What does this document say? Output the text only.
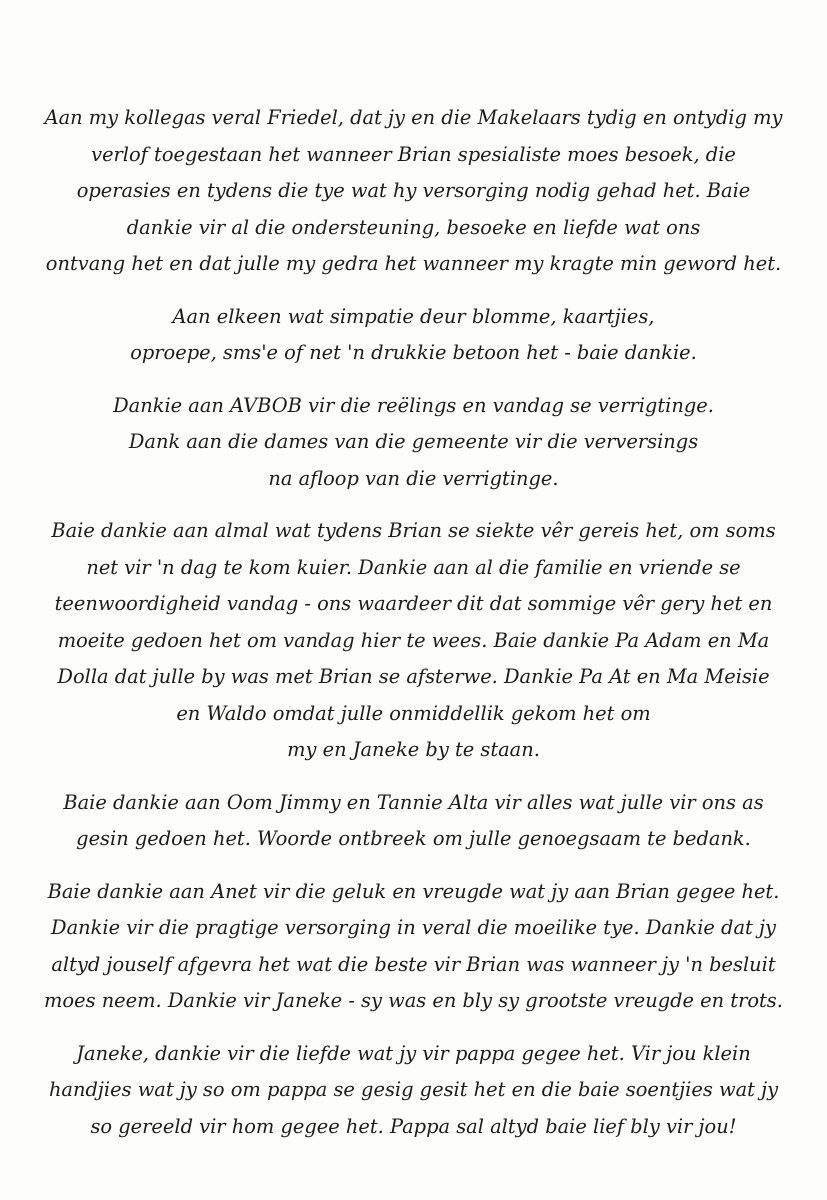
Aan my kollegas veral Friedel, dat jy en die Makelaars tydig en ontydig my
verlof toegestaan het wanneer Brian spesialiste moes besoek, die
operasies en tydens die tye wat hy versorging nodig gehad het. Baie
dankie vir al die ondersteuning, besoeke en liefde wat ons
ontvang het en dat julle my gedra het wanneer my kragte min geword het.

Aan elkeen wat simpatie deur blomme, kaartjies,
oproepe, sms'e of net 'n drukkie betoon het - baie dankie.

Dankie aan AVBOB vir die reëlings en vandag se verrigtinge.
Dank aan die dames van die gemeente vir die verversings
na afloop van die verrigtinge.

Baie dankie aan almal wat tydens Brian se siekte vêr gereis het, om soms
net vir 'n dag te kom kuier. Dankie aan al die familie en vriende se
teenwoordigheid vandag - ons waardeer dit dat sommige vêr gery het en
moeite gedoen het om vandag hier te wees. Baie dankie Pa Adam en Ma
Dolla dat julle by was met Brian se afsterwe. Dankie Pa At en Ma Meisie
en Waldo omdat julle onmiddellik gekom het om
my en Janeke by te staan.

Baie dankie aan Oom Jimmy en Tannie Alta vir alles wat julle vir ons as
gesin gedoen het. Woorde ontbreek om julle genoegsaam te bedank.

Baie dankie aan Anet vir die geluk en vreugde wat jy aan Brian gegee het.
Dankie vir die pragtige versorging in veral die moeilike tye. Dankie dat jy
altyd jouself afgevra het wat die beste vir Brian was wanneer jy 'n besluit
moes neem. Dankie vir Janeke - sy was en bly sy grootste vreugde en trots.

Janeke, dankie vir die liefde wat jy vir pappa gegee het. Vir jou klein
handjies wat jy so om pappa se gesig gesit het en die baie soentjies wat jy
so gereeld vir hom gegee het. Pappa sal altyd baie lief bly vir jou!
